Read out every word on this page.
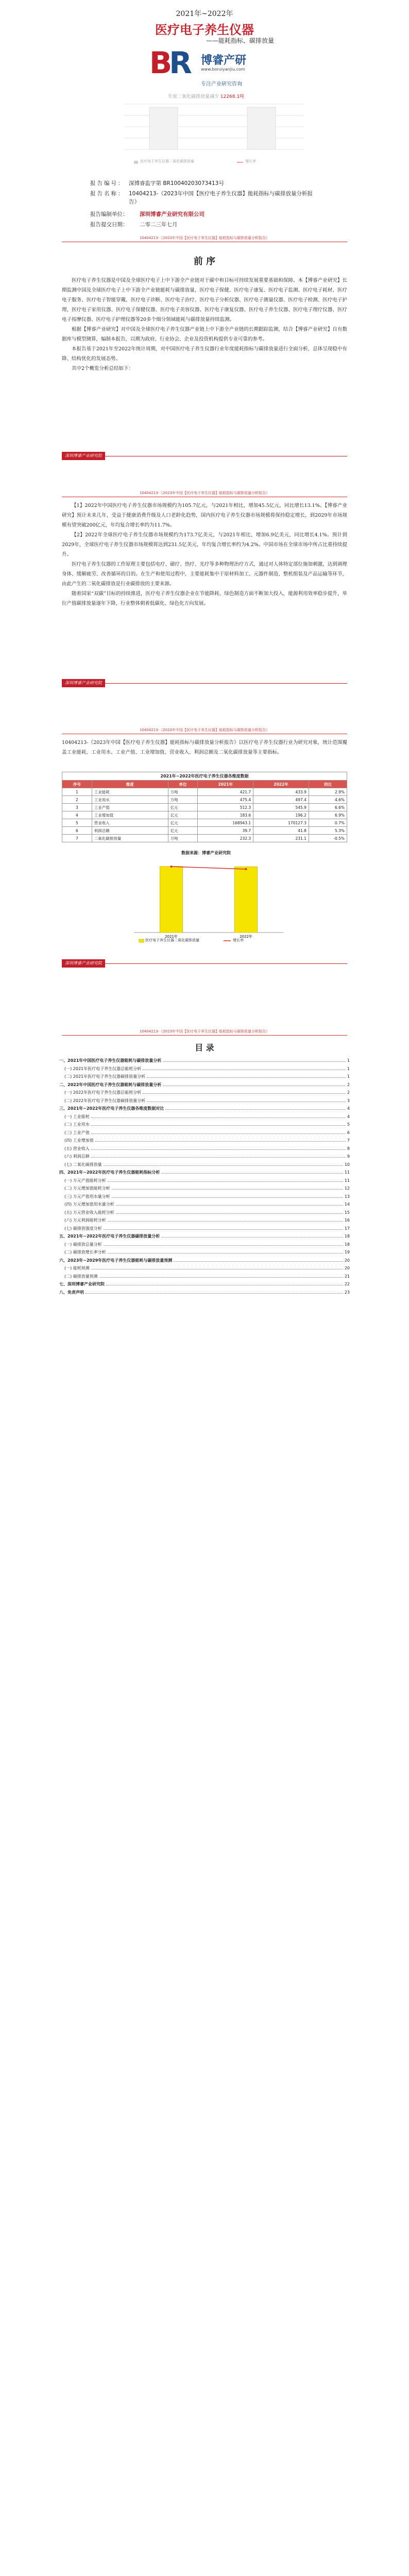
2021年~2022年
医疗电子养生仪器
——能耗指标、碳排放量
BR	博睿产研
www.boruiyanjiu.com
专注产业研究咨询
年度二氧化碳排放量减少 12268.1吨
医疗电子养生仪器二氧化碳排放量	增长率
报告编号： 深博睿监字第 BR10040203073413号
报告名称： 10404213-《2023年中国【医疗电子养生仪器】能耗指标与碳排放量分析报告》
报告编制单位： 深圳博睿产业研究有限公司
报告提交日期： 二零二三年七月
10404213-《2023年中国【医疗电子养生仪器】能耗指标与碳排放量分析报告》
前 序

医疗电子养生仪器是中国及全球医疗电子上中下游全产业链对于碳中和目标可持续发展重要基础和保障。本【博睿产业研究】长期监测中国及全球医疗电子上中下游全产业链能耗与碳排放量，医疗电子保健、医疗电子康复、医疗电子监测、医疗电子耗材、医疗电子服务、医疗电子智能穿戴、医疗电子诊断、医疗电子治疗、医疗电子分析仪器、医疗电子测量仪器、医疗电子检测、医疗电子护理、医疗电子家用仪器、医疗电子保健仪器、医疗电子美容仪器、医疗电子康复仪器、医疗电子养生仪器、医疗电子理疗仪器、医疗电子按摩仪器、医疗电子护理仪器等20多个细分领域能耗与碳排放量持续监测。

根据【博睿产业研究】对中国及全球医疗电子养生仪器产业链上中下游全产业链的长期跟踪监测，结合【博睿产业研究】自有数据库与模型测算，编制本报告，以期为政府、行业协会、企业及投资机构提供专业可靠的参考。

本报告基于2021年至2022年统计周期，对中国医疗电子养生仪器行业年度能耗指标与碳排放量进行全面分析，总体呈现稳中有降、结构优化的发展态势。

其中2个概览分析总结如下：

深圳博睿产业研究院
10404213-《2023年中国【医疗电子养生仪器】能耗指标与碳排放量分析报告》

【1】2022年中国医疗电子养生仪器市场规模约为105.7亿元，与2021年相比，增加45.5亿元，同比增长13.1%。【博睿产业研究】预计未来几年，受益于健康消费升级及人口老龄化趋势，国内医疗电子养生仪器市场规模将保持稳定增长，到2029年市场规模有望突破200亿元，年均复合增长率约为11.7%。

【2】2022年全球医疗电子养生仪器市场规模约为173.7亿美元，与2021年相比，增加6.9亿美元，同比增长4.1%。预计到2029年，全球医疗电子养生仪器市场规模将达到231.5亿美元，年均复合增长率约为4.2%。中国市场在全球市场中所占比重持续提升。

医疗电子养生仪器的工作原理主要包括电疗、磁疗、热疗、光疗等多种物理治疗方式，通过对人体特定部位施加刺激，达到调理身体、缓解疲劳、改善循环的目的。在生产和使用过程中，主要能耗集中于原材料加工、元器件制造、整机组装及产品运输等环节，由此产生的二氧化碳排放是行业碳排放的主要来源。

随着国家“双碳”目标的持续推进，医疗电子养生仪器企业在节能降耗、绿色制造方面不断加大投入，能源利用效率稳步提升，单位产值碳排放量逐年下降，行业整体朝着低碳化、绿色化方向发展。

深圳博睿产业研究院
10404213-《2023年中国【医疗电子养生仪器】能耗指标与碳排放量分析报告》

10404213-《2023年中国【医疗电子养生仪器】能耗指标与碳排放量分析报告》以医疗电子养生仪器行业为研究对象，统计范围覆盖工业能耗、工业用水、工业产值、工业增加值、营业收入、利润总额及二氧化碳排放量等主要指标。

2021年~2022年医疗电子养生仪器各维度数据
序号	维度	单位	2021年	2022年	同比
1	工业能耗	万吨	421.7	433.9	2.9%
2	工业用水	万吨	475.4	497.4	4.6%
3	工业产值	亿元	512.3	545.9	6.6%
4	工业增加值	亿元	183.6	196.2	6.9%
5	营业收入	亿元	168943.1	170127.3	0.7%
6	利润总额	亿元	39.7	41.8	5.3%
7	二氧化碳排放量	万吨	232.3	231.1	-0.5%
数据来源：博睿产业研究院
2021年	2022年
医疗电子养生仪器二氧化碳排放量	增长率
深圳博睿产业研究院
10404213-《2023年中国【医疗电子养生仪器】能耗指标与碳排放量分析报告》
目 录
一、2021年中国医疗电子养生仪器能耗与碳排放量分析	1
(一) 2021年医疗电子养生仪器总能耗分析	1
(二) 2021年医疗电子养生仪器碳排放量分析	1
二、2022年中国医疗电子养生仪器能耗与碳排放量分析	2
(一) 2022年医疗电子养生仪器总能耗分析	2
(二) 2022年医疗电子养生仪器碳排放量分析	3
三、2021年~2022年医疗电子养生仪器各维度数据对比	4
(一) 工业能耗	4
(二) 工业用水	5
(三) 工业产值	6
(四) 工业增加值	7
(五) 营业收入	8
(六) 利润总额	9
(七) 二氧化碳排放量	10
四、2021年~2022年医疗电子养生仪器能耗指标分析	11
(一) 万元产值能耗分析	11
(二) 万元增加值能耗分析	12
(三) 万元产值用水量分析	13
(四) 万元增加值用水量分析	14
(五) 万元营业收入能耗分析	15
(六) 万元利润能耗分析	16
(七) 碳排放强度分析	17
五、2021年~2022年医疗电子养生仪器碳排放量分析	18
(一) 碳排放总量分析	18
(二) 碳排放增长率分析	19
六、2023年~2029年医疗电子养生仪器能耗与碳排放量预测	20
(一) 能耗预测	20
(二) 碳排放量预测	21
七、深圳博睿产业研究院	22
八、免责声明	23
